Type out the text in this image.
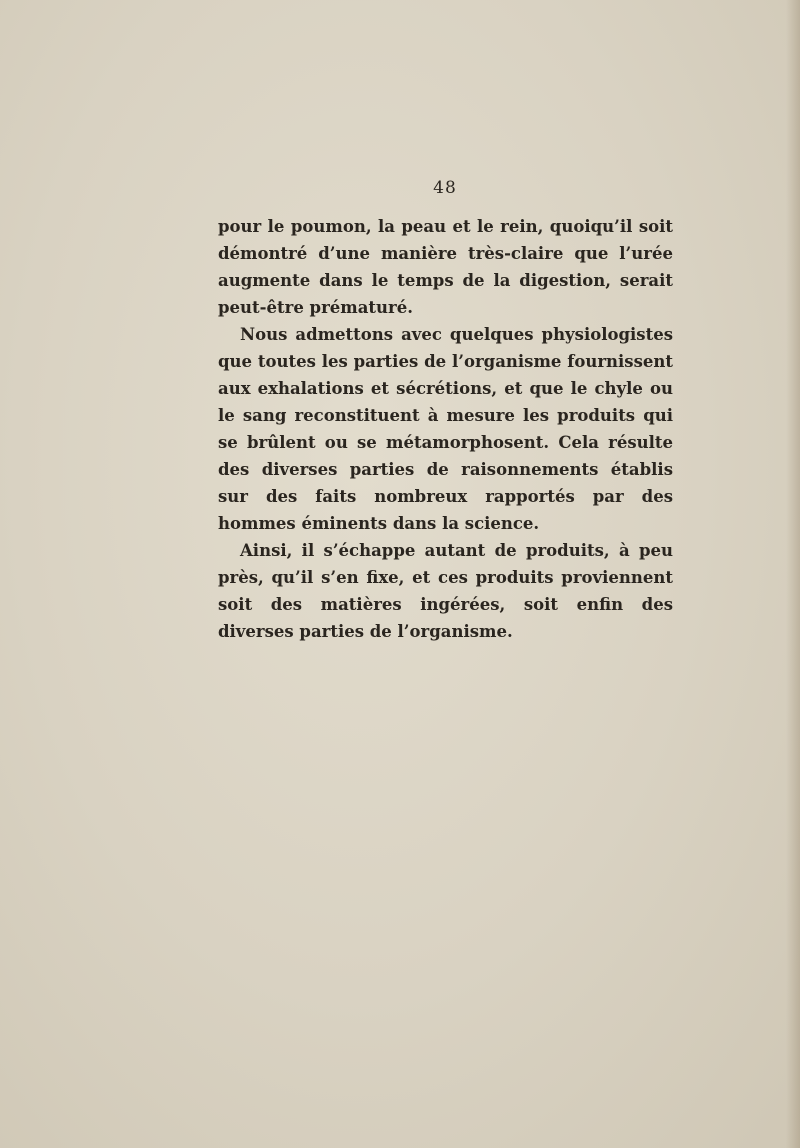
48

pour le poumon, la peau et le rein, quoiqu’il soit démontré d’une manière très-claire que l’urée augmente dans le temps de la digestion, serait peut-être prématuré.

Nous admettons avec quelques physiologistes que toutes les parties de l’organisme fournissent aux exhalations et sécrétions, et que le chyle ou le sang reconstituent à mesure les produits qui se brûlent ou se métamorphosent. Cela résulte des diverses parties de raisonnements établis sur des faits nombreux rapportés par des hommes éminents dans la science.

Ainsi, il s’échappe autant de produits, à peu près, qu’il s’en fixe, et ces produits proviennent soit des matières ingérées, soit enfin des diverses parties de l’organisme.
